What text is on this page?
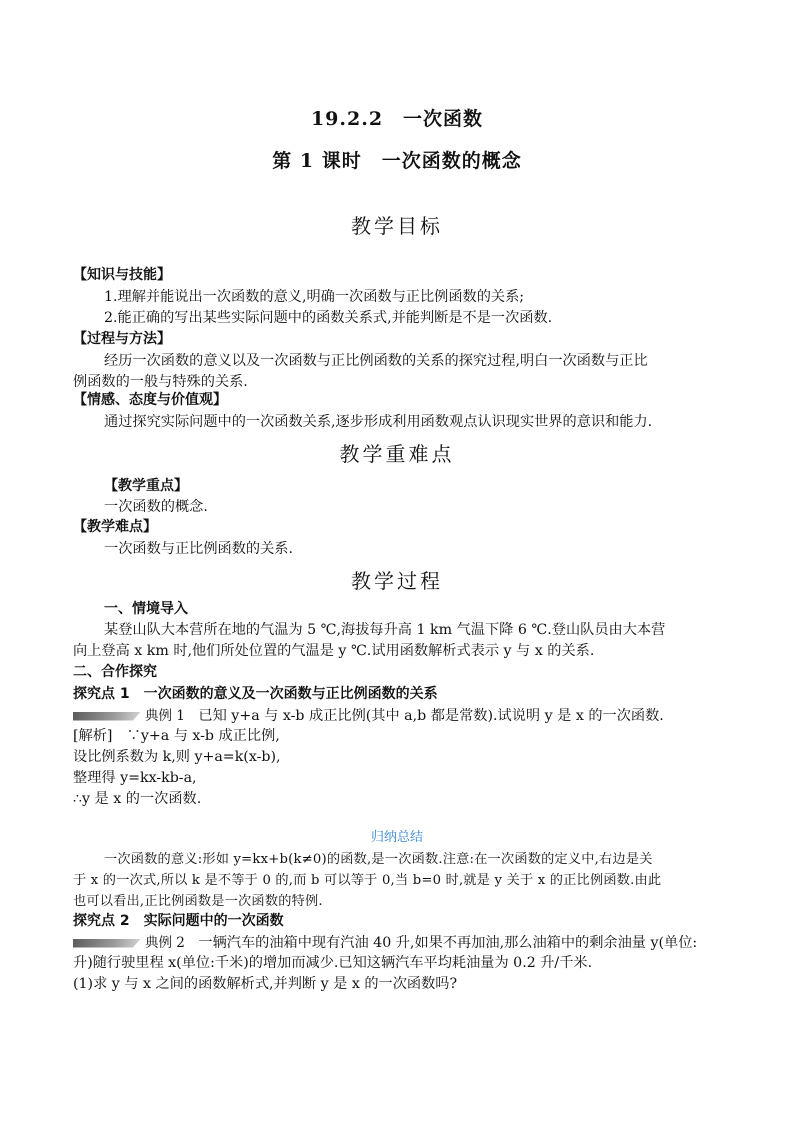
19.2.2　一次函数
第 1 课时　一次函数的概念
教学目标
【知识与技能】
1.理解并能说出一次函数的意义,明确一次函数与正比例函数的关系;
2.能正确的写出某些实际问题中的函数关系式,并能判断是不是一次函数.
【过程与方法】
经历一次函数的意义以及一次函数与正比例函数的关系的探究过程,明白一次函数与正比
例函数的一般与特殊的关系.
【情感、态度与价值观】
通过探究实际问题中的一次函数关系,逐步形成利用函数观点认识现实世界的意识和能力.
教学重难点
【教学重点】
一次函数的概念.
【教学难点】
一次函数与正比例函数的关系.
教学过程
一、情境导入
某登山队大本营所在地的气温为 5 ℃,海拔每升高 1 km 气温下降 6 ℃.登山队员由大本营
向上登高 x km 时,他们所处位置的气温是 y ℃.试用函数解析式表示 y 与 x 的关系.
二、合作探究
探究点 1　一次函数的意义及一次函数与正比例函数的关系
典例 1 已知 y+a 与 x-b 成正比例(其中 a,b 都是常数).试说明 y 是 x 的一次函数.
[解析]　∵y+a 与 x-b 成正比例,
设比例系数为 k,则 y+a=k(x-b),
整理得 y=kx-kb-a,
∴y 是 x 的一次函数.
归纳总结
一次函数的意义:形如 y=kx+b(k≠0)的函数,是一次函数.注意:在一次函数的定义中,右边是关
于 x 的一次式,所以 k 是不等于 0 的,而 b 可以等于 0,当 b=0 时,就是 y 关于 x 的正比例函数.由此
也可以看出,正比例函数是一次函数的特例.
探究点 2　实际问题中的一次函数
典例 2 一辆汽车的油箱中现有汽油 40 升,如果不再加油,那么油箱中的剩余油量 y(单位:
升)随行驶里程 x(单位:千米)的增加而减少.已知这辆汽车平均耗油量为 0.2 升/千米.
(1)求 y 与 x 之间的函数解析式,并判断 y 是 x 的一次函数吗?
